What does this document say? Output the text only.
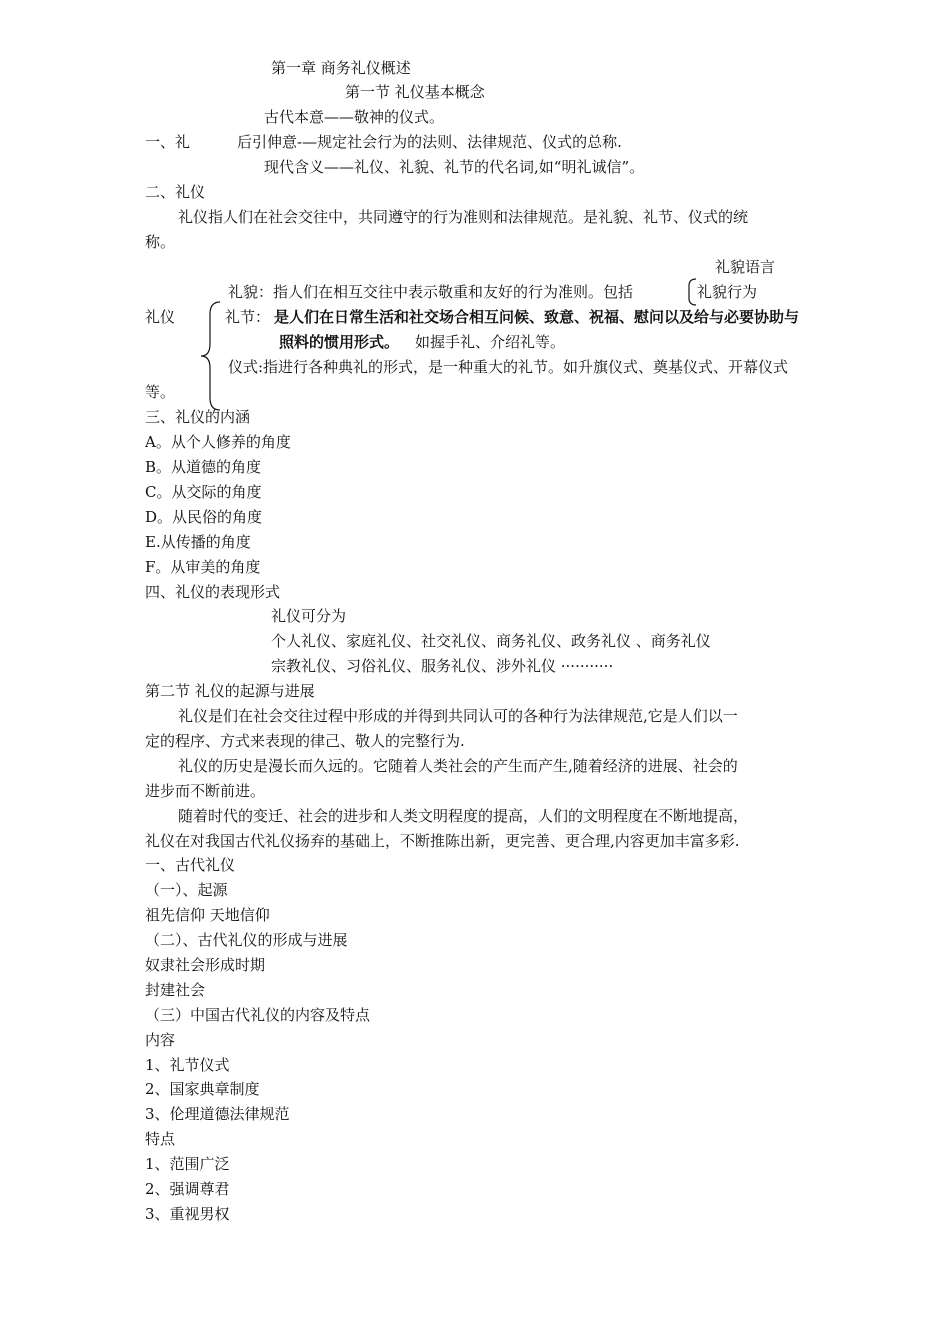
第一章 商务礼仪概述
第一节 礼仪基本概念
古代本意——敬神的仪式。
一、礼	后引伸意-—规定社会行为的法则、法律规范、仪式的总称.
现代含义——礼仪、礼貌、礼节的代名词,如“明礼诚信”。
二、礼仪
礼仪指人们在社会交往中，共同遵守的行为准则和法律规范。是礼貌、礼节、仪式的统
称。
礼貌语言
礼貌：指人们在相互交往中表示敬重和友好的行为准则。包括	礼貌行为
礼仪	礼节： 是人们在日常生活和社交场合相互问候、致意、祝福、慰问以及给与必要协助与
照料的惯用形式。 如握手礼、介绍礼等。
仪式:指进行各种典礼的形式，是一种重大的礼节。如升旗仪式、奠基仪式、开幕仪式
等。
三、礼仪的内涵
A。从个人修养的角度
B。从道德的角度
C。从交际的角度
D。从民俗的角度
E.从传播的角度
F。从审美的角度
四、礼仪的表现形式
礼仪可分为
个人礼仪、家庭礼仪、社交礼仪、商务礼仪、政务礼仪 、商务礼仪
宗教礼仪、习俗礼仪、服务礼仪、涉外礼仪 ···········
第二节 礼仪的起源与进展
礼仪是们在社会交往过程中形成的并得到共同认可的各种行为法律规范,它是人们以一
定的程序、方式来表现的律己、敬人的完整行为.
礼仪的历史是漫长而久远的。它随着人类社会的产生而产生,随着经济的进展、社会的
进步而不断前进。
随着时代的变迁、社会的进步和人类文明程度的提高，人们的文明程度在不断地提高，
礼仪在对我国古代礼仪扬弃的基础上，不断推陈出新，更完善、更合理,内容更加丰富多彩.
一、古代礼仪
（一）、起源
祖先信仰 天地信仰
（二）、古代礼仪的形成与进展
奴隶社会形成时期
封建社会
（三）中国古代礼仪的内容及特点
内容
1、礼节仪式
2、国家典章制度
3、伦理道德法律规范
特点
1、范围广泛
2、强调尊君
3、重视男权
